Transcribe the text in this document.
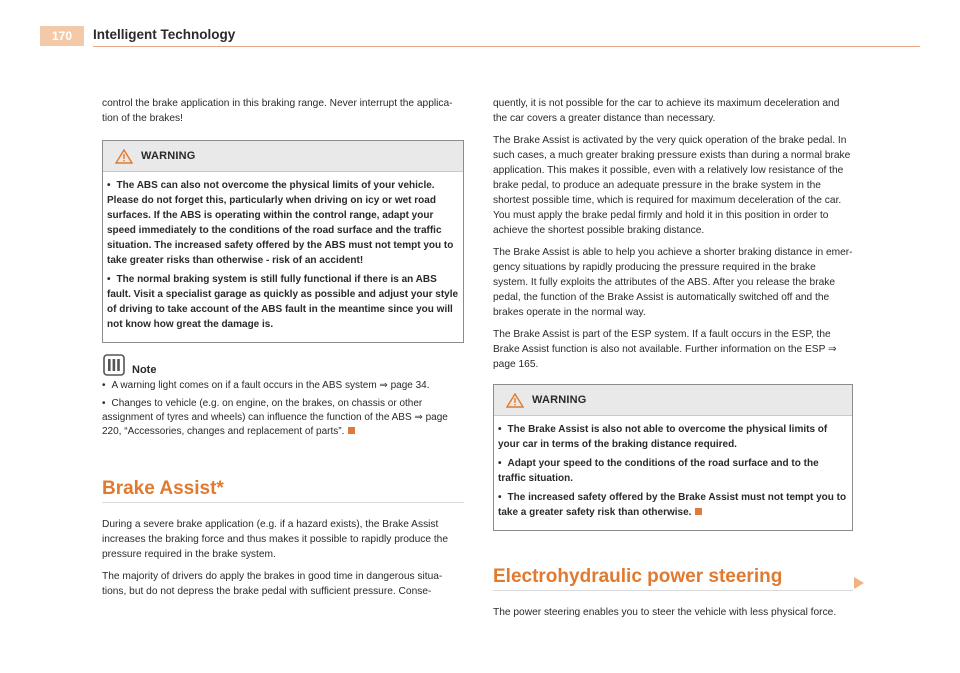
170	Intelligent Technology

control the brake application in this braking range. Never interrupt the applica- tion of the brakes!

WARNING
• The ABS can also not overcome the physical limits of your vehicle. Please do not forget this, particularly when driving on icy or wet road surfaces. If the ABS is operating within the control range, adapt your speed immediately to the conditions of the road surface and the traffic situation. The increased safety offered by the ABS must not tempt you to take greater risks than otherwise - risk of an accident!
• The normal braking system is still fully functional if there is an ABS fault. Visit a specialist garage as quickly as possible and adjust your style of driving to take account of the ABS fault in the meantime since you will not know how great the damage is.
Note
• A warning light comes on if a fault occurs in the ABS system ⇒ page 34.
• Changes to vehicle (e.g. on engine, on the brakes, on chassis or other assignment of tyres and wheels) can influence the function of the ABS ⇒ page 220, “Accessories, changes and replacement of parts”.
Brake Assist*

During a severe brake application (e.g. if a hazard exists), the Brake Assist increases the braking force and thus makes it possible to rapidly produce the pressure required in the brake system.

The majority of drivers do apply the brakes in good time in dangerous situa- tions, but do not depress the brake pedal with sufficient pressure. Conse-

quently, it is not possible for the car to achieve its maximum deceleration and the car covers a greater distance than necessary.

The Brake Assist is activated by the very quick operation of the brake pedal. In such cases, a much greater braking pressure exists than during a normal brake application. This makes it possible, even with a relatively low resistance of the brake pedal, to produce an adequate pressure in the brake system in the shortest possible time, which is required for maximum deceleration of the car. You must apply the brake pedal firmly and hold it in this position in order to achieve the shortest possible braking distance.

The Brake Assist is able to help you achieve a shorter braking distance in emer- gency situations by rapidly producing the pressure required in the brake system. It fully exploits the attributes of the ABS. After you release the brake pedal, the function of the Brake Assist is automatically switched off and the brakes operate in the normal way.

The Brake Assist is part of the ESP system. If a fault occurs in the ESP, the Brake Assist function is also not available. Further information on the ESP ⇒ page 165.

WARNING
• The Brake Assist is also not able to overcome the physical limits of your car in terms of the braking distance required.
• Adapt your speed to the conditions of the road surface and to the traffic situation.
• The increased safety offered by the Brake Assist must not tempt you to take a greater safety risk than otherwise.
Electrohydraulic power steering

The power steering enables you to steer the vehicle with less physical force.
